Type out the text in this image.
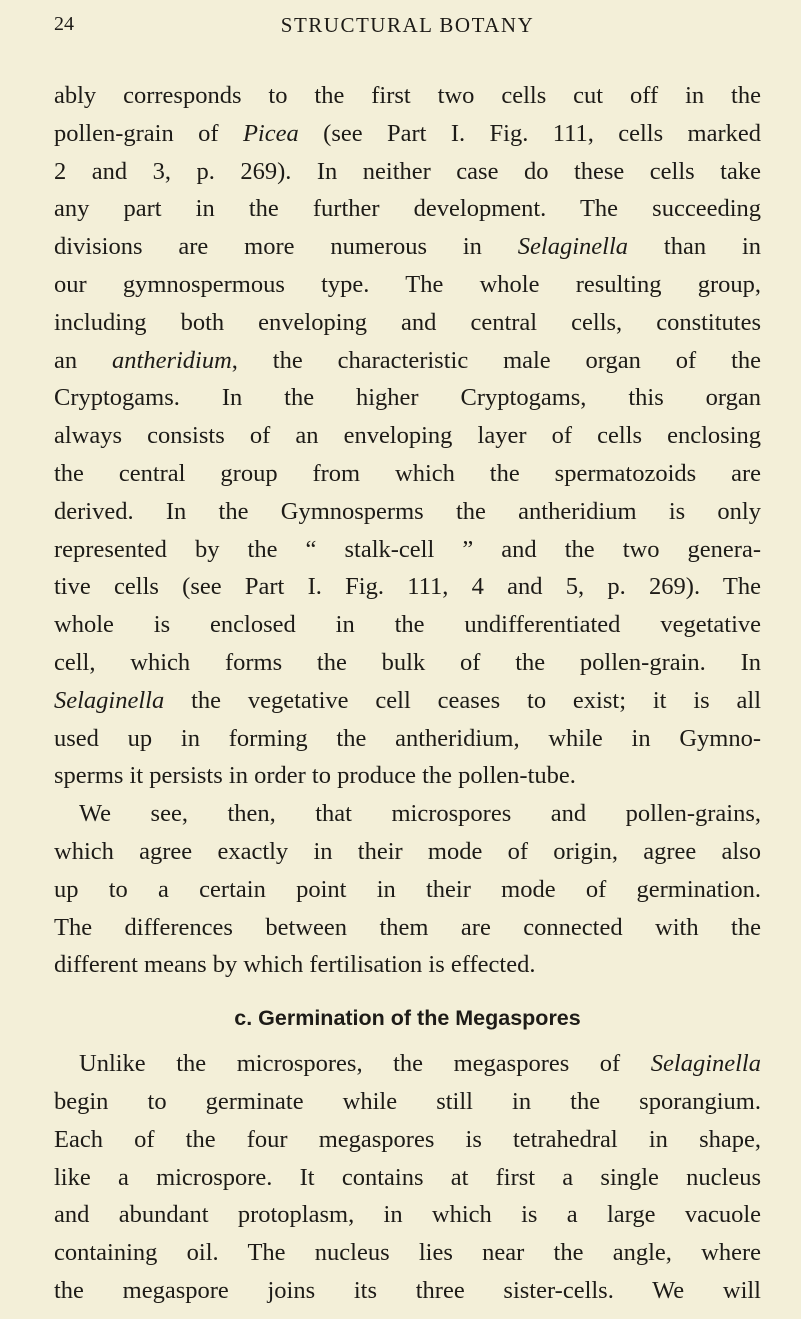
24	STRUCTURAL BOTANY
ably corresponds to the first two cells cut off in the
pollen-grain of Picea (see Part I. Fig. 111, cells marked
2 and 3, p. 269). In neither case do these cells take
any part in the further development. The succeeding
divisions are more numerous in Selaginella than in
our gymnospermous type. The whole resulting group,
including both enveloping and central cells, constitutes
an antheridium, the characteristic male organ of the
Cryptogams. In the higher Cryptogams, this organ
always consists of an enveloping layer of cells enclosing
the central group from which the spermatozoids are
derived. In the Gymnosperms the antheridium is only
represented by the “ stalk-cell ” and the two genera-
tive cells (see Part I. Fig. 111, 4 and 5, p. 269). The
whole is enclosed in the undifferentiated vegetative
cell, which forms the bulk of the pollen-grain. In
Selaginella the vegetative cell ceases to exist; it is all
used up in forming the antheridium, while in Gymno-
sperms it persists in order to produce the pollen-tube.
We see, then, that microspores and pollen-grains,
which agree exactly in their mode of origin, agree also
up to a certain point in their mode of germination.
The differences between them are connected with the
different means by which fertilisation is effected.
c. Germination of the Megaspores
Unlike the microspores, the megaspores of Selaginella
begin to germinate while still in the sporangium.
Each of the four megaspores is tetrahedral in shape,
like a microspore. It contains at first a single nucleus
and abundant protoplasm, in which is a large vacuole
containing oil. The nucleus lies near the angle, where
the megaspore joins its three sister-cells. We will
